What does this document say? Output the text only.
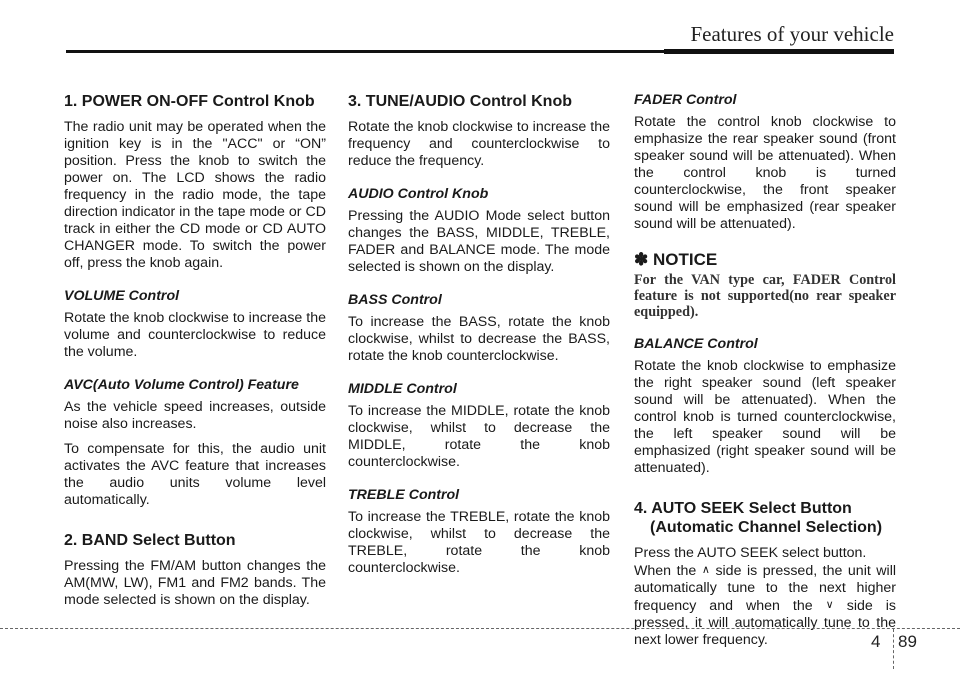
Features of your vehicle
1. POWER ON-OFF Control Knob

The radio unit may be operated when the ignition key is in the "ACC" or “ON” position. Press the knob to switch the power on. The LCD shows the radio frequency in the radio mode, the tape direction indicator in the tape mode or CD track in either the CD mode or CD AUTO CHANGER mode. To switch the power off, press the knob again.

VOLUME Control

Rotate the knob clockwise to increase the volume and counterclockwise to reduce the volume.

AVC(Auto Volume Control) Feature

As the vehicle speed increases, outside noise also increases.

To compensate for this, the audio unit activates the AVC feature that increases the audio units volume level automatically.

2. BAND Select Button

Pressing the FM/AM button changes the AM(MW, LW), FM1 and FM2 bands. The mode selected is shown on the display.

3. TUNE/AUDIO Control Knob

Rotate the knob clockwise to increase the frequency and counterclockwise to reduce the frequency.

AUDIO Control Knob

Pressing the AUDIO Mode select button changes the BASS, MIDDLE, TREBLE, FADER and BALANCE mode. The mode selected is shown on the display.

BASS Control

To increase the BASS, rotate the knob clockwise, whilst to decrease the BASS, rotate the knob counterclockwise.

MIDDLE Control

To increase the MIDDLE, rotate the knob clockwise, whilst to decrease the MIDDLE, rotate the knob counterclockwise.

TREBLE Control

To increase the TREBLE, rotate the knob clockwise, whilst to decrease the TREBLE, rotate the knob counterclockwise.

FADER Control

Rotate the control knob clockwise to emphasize the rear speaker sound (front speaker sound will be attenuated). When the control knob is turned counterclockwise, the front speaker sound will be emphasized (rear speaker sound will be attenuated).

✽ NOTICE

For the VAN type car, FADER Control feature is not supported(no rear speaker equipped).

BALANCE Control

Rotate the knob clockwise to emphasize the right speaker sound (left speaker sound will be attenuated). When the control knob is turned counterclockwise, the left speaker sound will be emphasized (right speaker sound will be attenuated).

4. AUTO SEEK Select Button
(Automatic Channel Selection)

Press the AUTO SEEK select button.

When the ∧ side is pressed, the unit will automatically tune to the next higher frequency and when the ∨ side is pressed, it will automatically tune to the next lower frequency.	4 89
